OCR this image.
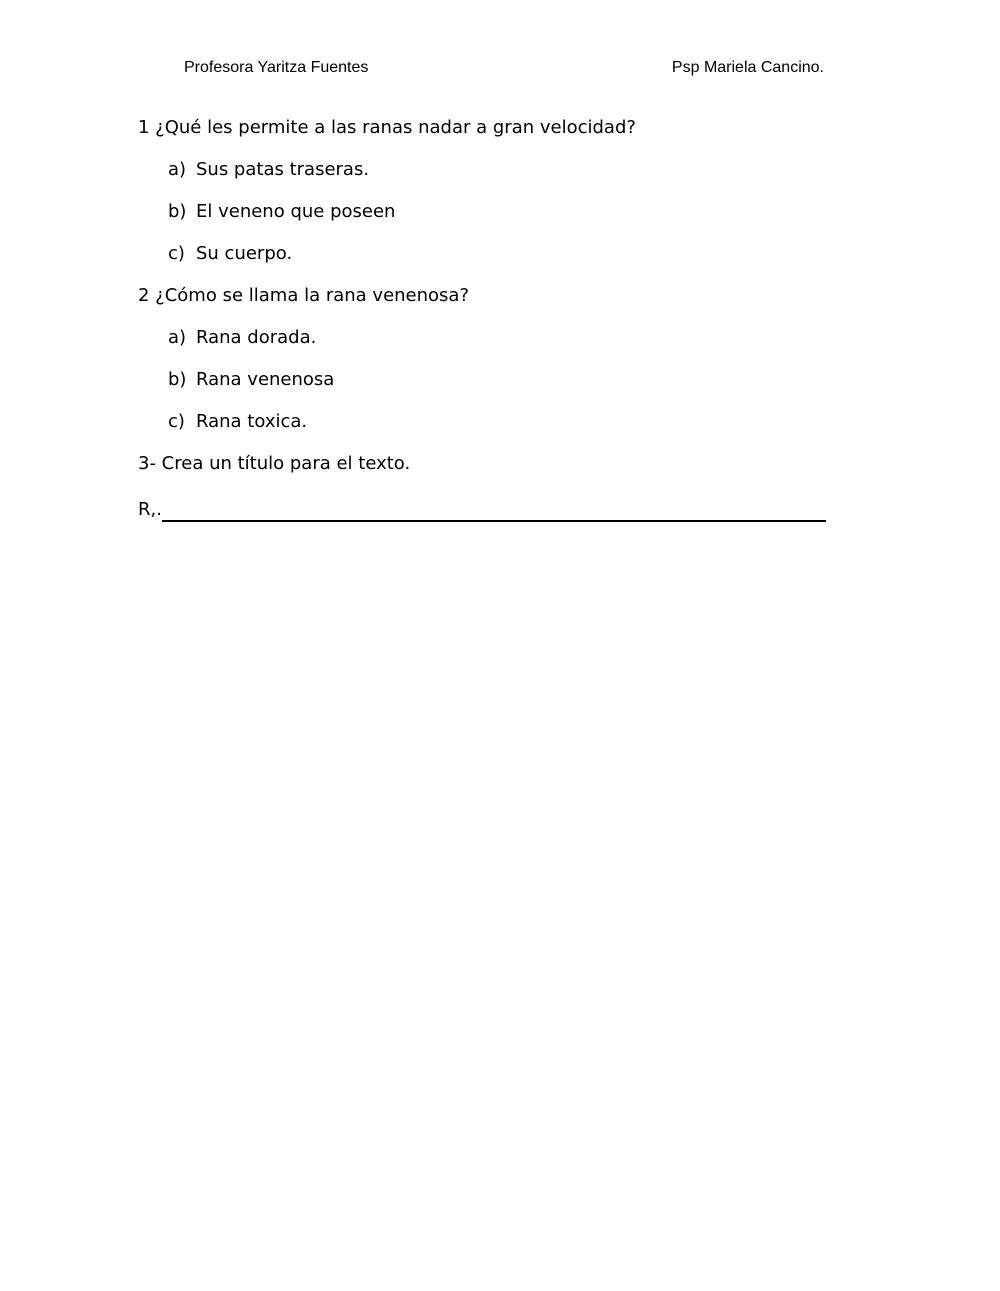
Profesora Yaritza Fuentes	Psp Mariela Cancino.
1 ¿Qué les permite a las ranas nadar a gran velocidad?
a) Sus patas traseras.
b) El veneno que poseen
c) Su cuerpo.
2 ¿Cómo se llama la rana venenosa?
a) Rana dorada.
b) Rana venenosa
c) Rana toxica.
3- Crea un título para el texto.
R,.
